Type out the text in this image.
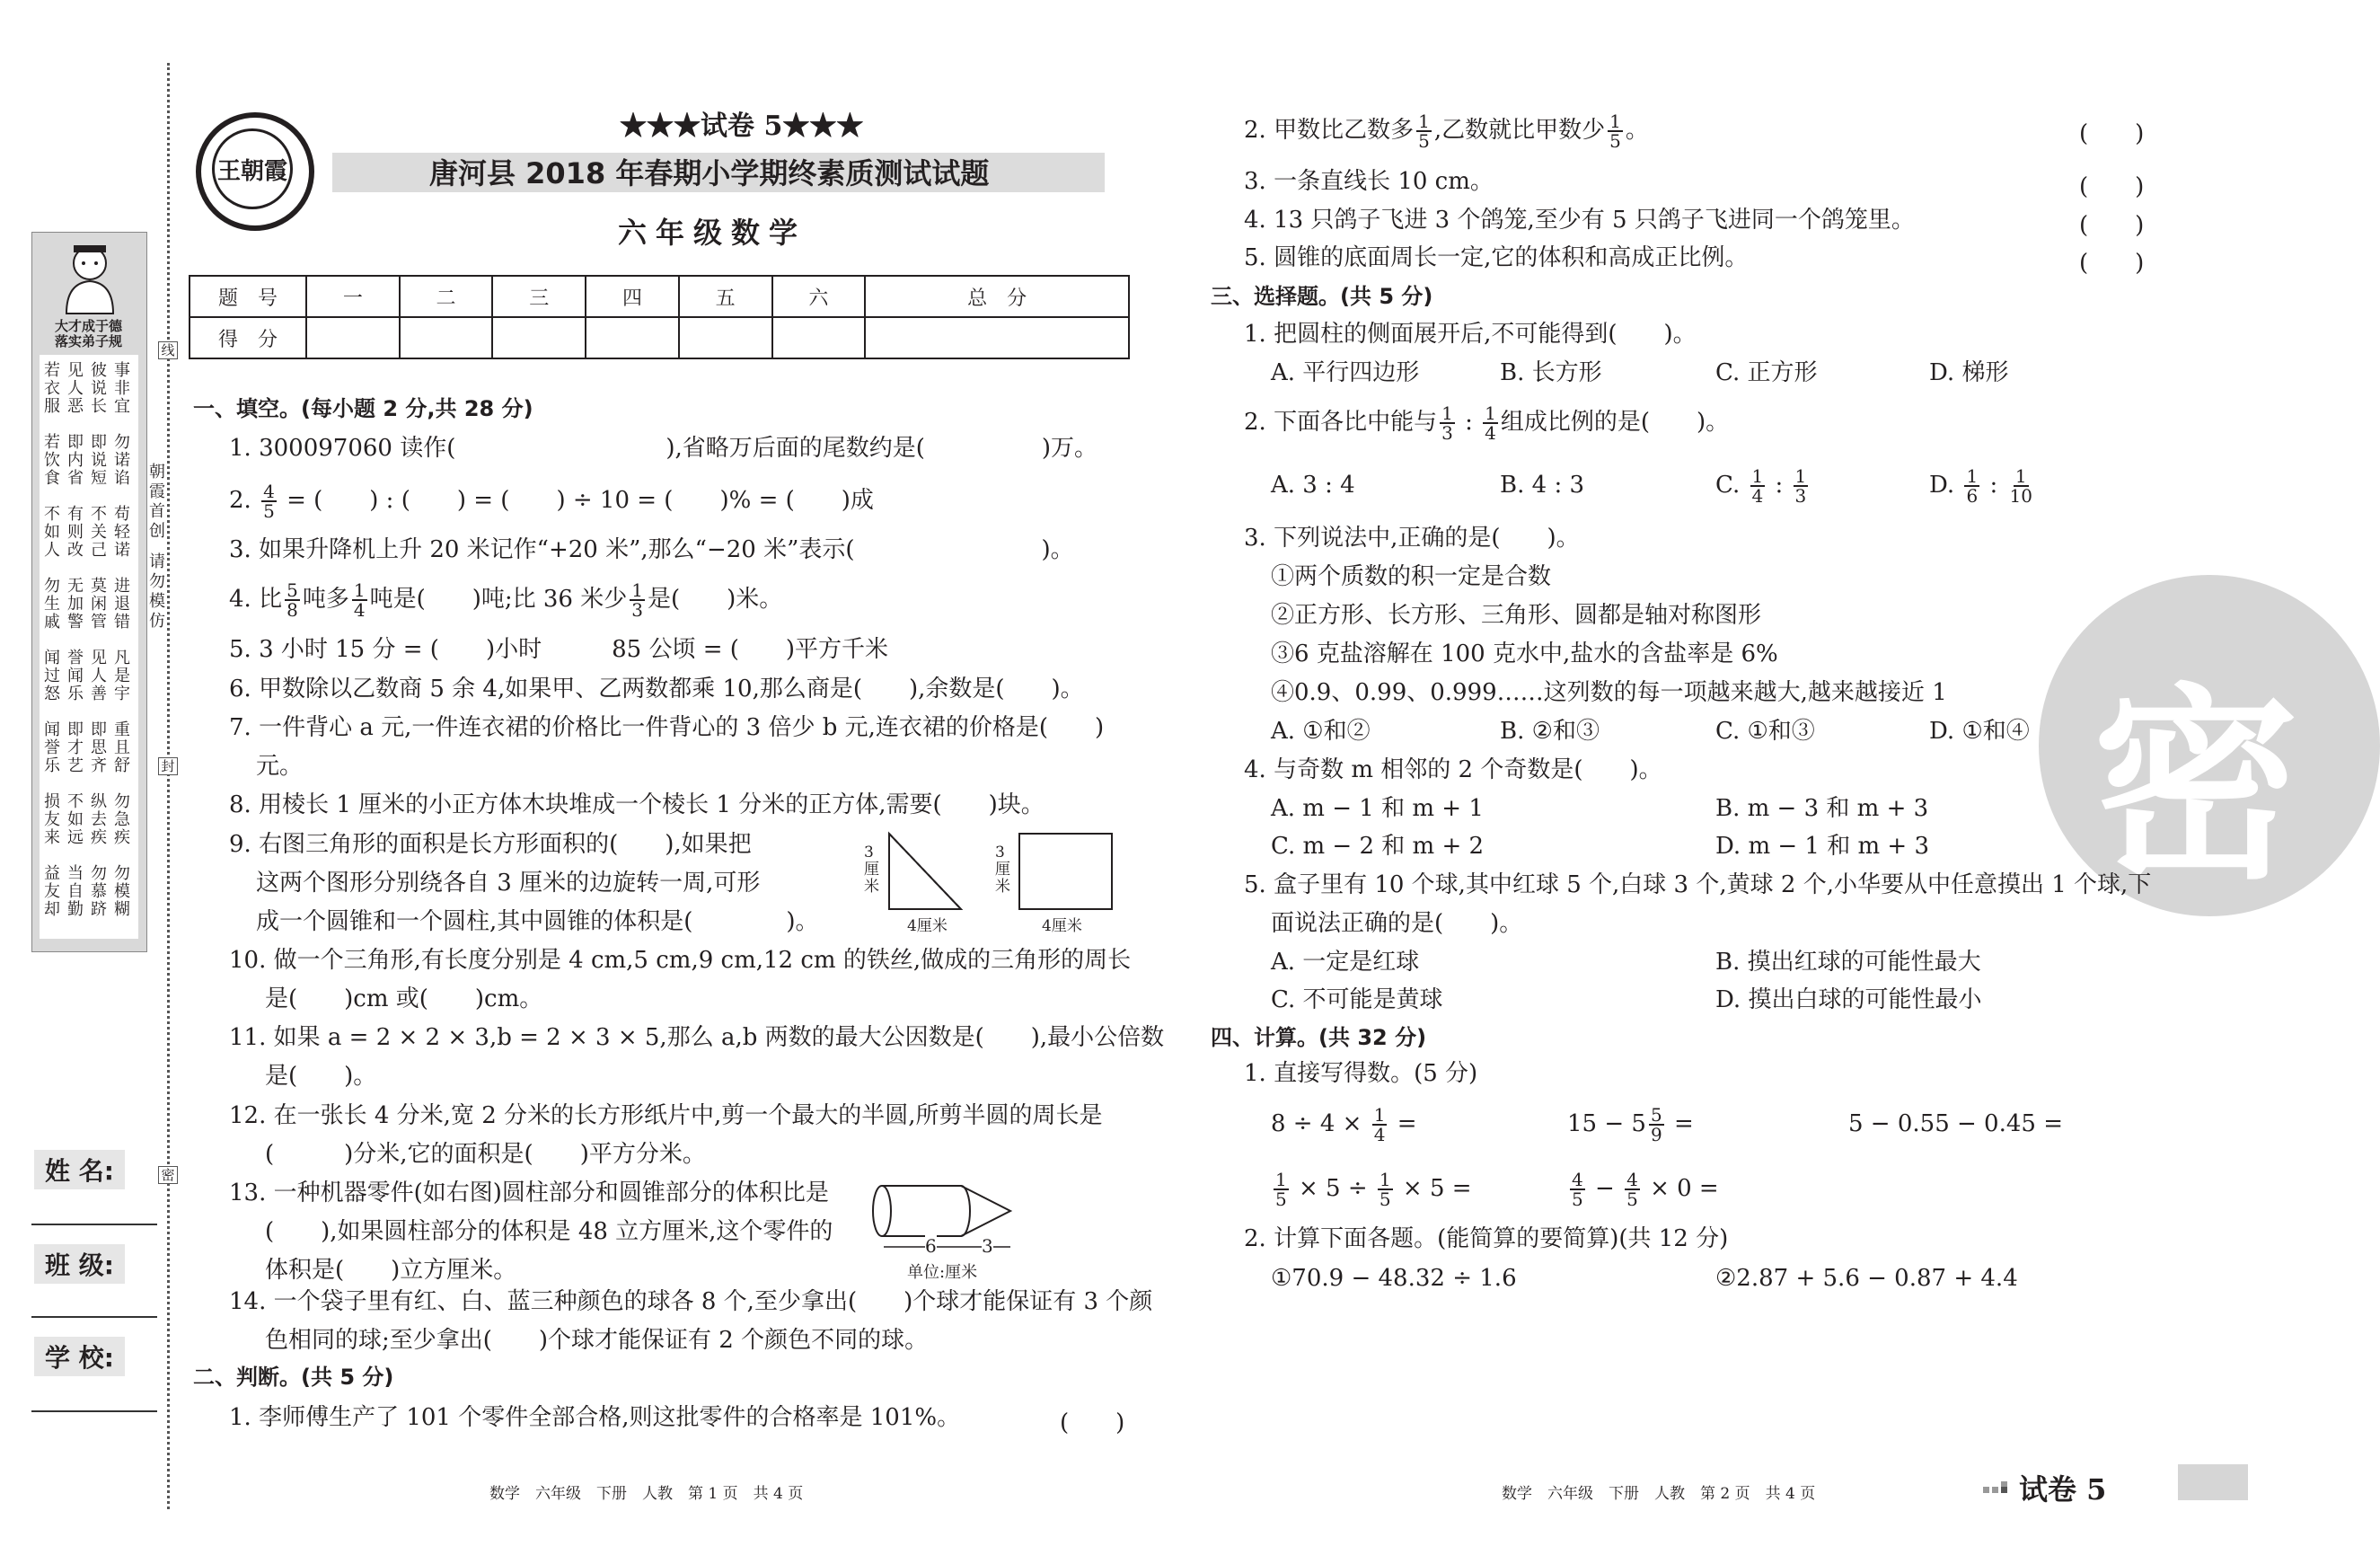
大才成于德
落实弟子规
若
衣
服
见
人
恶
彼
说
长
事
非
宜
若
饮
食
即
内
省
即
说
短
勿
诺
谄
不
如
人
有
则
改
不
关
己
苟
轻
诺
勿
生
戚
无
加
警
莫
闲
管
进
退
错
闻
过
怒
誉
闻
乐
见
人
善
凡
是
宇
闻
誉
乐
即
才
艺
即
思
齐
重
且
舒
损
友
来
不
如
远
纵
去
疾
勿
急
疾
益
友
却
当
自
勤
勿
慕
跻
勿
模
糊
线
封
密
朝
霞
首
创
请
勿
模
仿
姓 名:
班 级:
学 校:
王朝霞
★★★试卷 5★★★
唐河县 2018 年春期小学期终素质测试试题
六年级数学
题　号	一	二	三	四	五	六	总　分
得　分							
一、填空。(每小题 2 分,共 28 分)
1. 300097060 读作(　　　　　　　　　),省略万后面的尾数约是(　　　　　)万。
2. $\frac{4}{5}$ = (　　) : (　　) = (　　) ÷ 10 = (　　)% = (　　)成
3. 如果升降机上升 20 米记作“+20 米”,那么“−20 米”表示(　　　　　　　　)。
4. 比 $\frac{5}{8}$ 吨多 $\frac{1}{4}$ 吨是(　　)吨;比 36 米少 $\frac{1}{3}$ 是(　　)米。
5. 3 小时 15 分 = (　　)小时　　　85 公顷 = (　　)平方千米
6. 甲数除以乙数商 5 余 4,如果甲、乙两数都乘 10,那么商是(　　),余数是(　　)。
7. 一件背心 a 元,一件连衣裙的价格比一件背心的 3 倍少 b 元,连衣裙的价格是(　　)
元。
8. 用棱长 1 厘米的小正方体木块堆成一个棱长 1 分米的正方体,需要(　　)块。
9. 右图三角形的面积是长方形面积的(　　),如果把
这两个图形分别绕各自 3 厘米的边旋转一周,可形
成一个圆锥和一个圆柱,其中圆锥的体积是(　　　　)。
3
厘
米
4厘米
3
厘
米
4厘米
10. 做一个三角形,有长度分别是 4 cm,5 cm,9 cm,12 cm 的铁丝,做成的三角形的周长
是(　　)cm 或(　　)cm。
11. 如果 a = 2 × 2 × 3,b = 2 × 3 × 5,那么 a,b 两数的最大公因数是(　　),最小公倍数
是(　　)。
12. 在一张长 4 分米,宽 2 分米的长方形纸片中,剪一个最大的半圆,所剪半圆的周长是
(　　　)分米,它的面积是(　　)平方分米。
13. 一种机器零件(如右图)圆柱部分和圆锥部分的体积比是
(　　),如果圆柱部分的体积是 48 立方厘米,这个零件的
体积是(　　)立方厘米。
6	3
单位:厘米
14. 一个袋子里有红、白、蓝三种颜色的球各 8 个,至少拿出(　　)个球才能保证有 3 个颜
色相同的球;至少拿出(　　)个球才能保证有 2 个颜色不同的球。
二、判断。(共 5 分)
1. 李师傅生产了 101 个零件全部合格,则这批零件的合格率是 101%。	(　　)
数学　六年级　下册　人教　第 1 页　共 4 页
密
2. 甲数比乙数多 $\frac{1}{5}$ ,乙数就比甲数少 $\frac{1}{5}$ 。	(　　)
3. 一条直线长 10 cm。	(　　)
4. 13 只鸽子飞进 3 个鸽笼,至少有 5 只鸽子飞进同一个鸽笼里。	(　　)
5. 圆锥的底面周长一定,它的体积和高成正比例。	(　　)
三、选择题。(共 5 分)
1. 把圆柱的侧面展开后,不可能得到(　　)。
A. 平行四边形	B. 长方形	C. 正方形	D. 梯形
2. 下面各比中能与 $\frac{1}{3}$ : $\frac{1}{4}$ 组成比例的是(　　)。
A. 3 : 4	B. 4 : 3	C. $\frac{1}{4}$ : $\frac{1}{3}$	D. $\frac{1}{6}$ : $\frac{1}{10}$
3. 下列说法中,正确的是(　　)。
①两个质数的积一定是合数
②正方形、长方形、三角形、圆都是轴对称图形
③6 克盐溶解在 100 克水中,盐水的含盐率是 6%
④0.9、0.99、0.999……这列数的每一项越来越大,越来越接近 1
A. ①和②	B. ②和③	C. ①和③	D. ①和④
4. 与奇数 m 相邻的 2 个奇数是(　　)。
A. m − 1 和 m + 1	B. m − 3 和 m + 3
C. m − 2 和 m + 2	D. m − 1 和 m + 3
5. 盒子里有 10 个球,其中红球 5 个,白球 3 个,黄球 2 个,小华要从中任意摸出 1 个球,下
面说法正确的是(　　)。
A. 一定是红球	B. 摸出红球的可能性最大
C. 不可能是黄球	D. 摸出白球的可能性最小
四、计算。(共 32 分)
1. 直接写得数。(5 分)
$8 \div 4 \times \frac{1}{4}$ =	$15 - 5 \frac{5}{9}$ =	5 − 0.55 − 0.45 =
$\frac{1}{5} \times 5 \div \frac{1}{5} \times 5$ =	$\frac{4}{5} - \frac{4}{5} \times 0$ =
2. 计算下面各题。(能简算的要简算)(共 12 分)
①70.9 − 48.32 ÷ 1.6	②2.87 + 5.6 − 0.87 + 4.4
数学　六年级　下册　人教　第 2 页　共 4 页	试卷 5
